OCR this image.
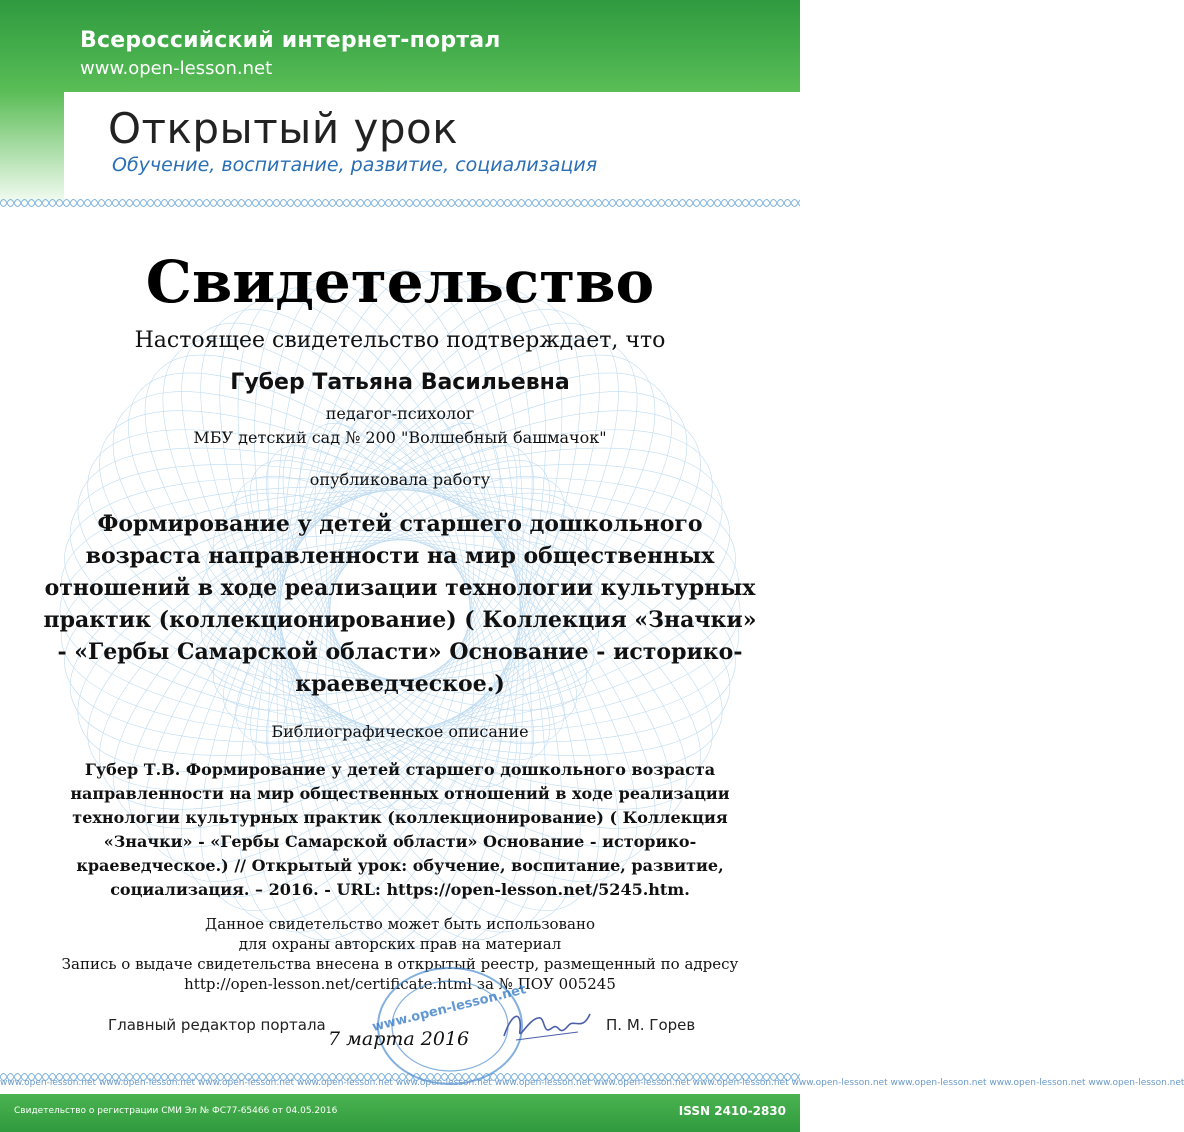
Всероссийский интернет-портал
www.open-lesson.net
Открытый урок
Обучение, воспитание, развитие, социализация
Свидетельство
Настоящее свидетельство подтверждает, что
Губер Татьяна Васильевна
педагог-психолог
МБУ детский сад № 200 "Волшебный башмачок"
опубликовала работу
Формирование у детей старшего дошкольного возраста направленности на мир общественных отношений в ходе реализации технологии культурных практик (коллекционирование) ( Коллекция «Значки» - «Гербы Самарской области» Основание - историко-краеведческое.)
Библиографическое описание
Губер Т.В. Формирование у детей старшего дошкольного возраста направленности на мир общественных отношений в ходе реализации технологии культурных практик (коллекционирование) ( Коллекция «Значки» - «Гербы Самарской области» Основание - историко-краеведческое.) // Открытый урок: обучение, воспитание, развитие, социализация. – 2016. - URL: https://open-lesson.net/5245.htm.
Данное свидетельство может быть использовано
для охраны авторских прав на материал
Запись о выдаче свидетельства внесена в открытый реестр, размещенный по адресу
http://open-lesson.net/certificate.html за № ПОУ 005245
www.open-lesson.net
Главный редактор портала
7 марта 2016
П. М. Горев
www.open-lesson.net www.open-lesson.net www.open-lesson.net www.open-lesson.net www.open-lesson.net www.open-lesson.net www.open-lesson.net www.open-lesson.net www.open-lesson.net www.open-lesson.net www.open-lesson.net www.open-lesson.net
Свидетельство о регистрации СМИ Эл № ФС77-65466 от 04.05.2016	ISSN 2410-2830
